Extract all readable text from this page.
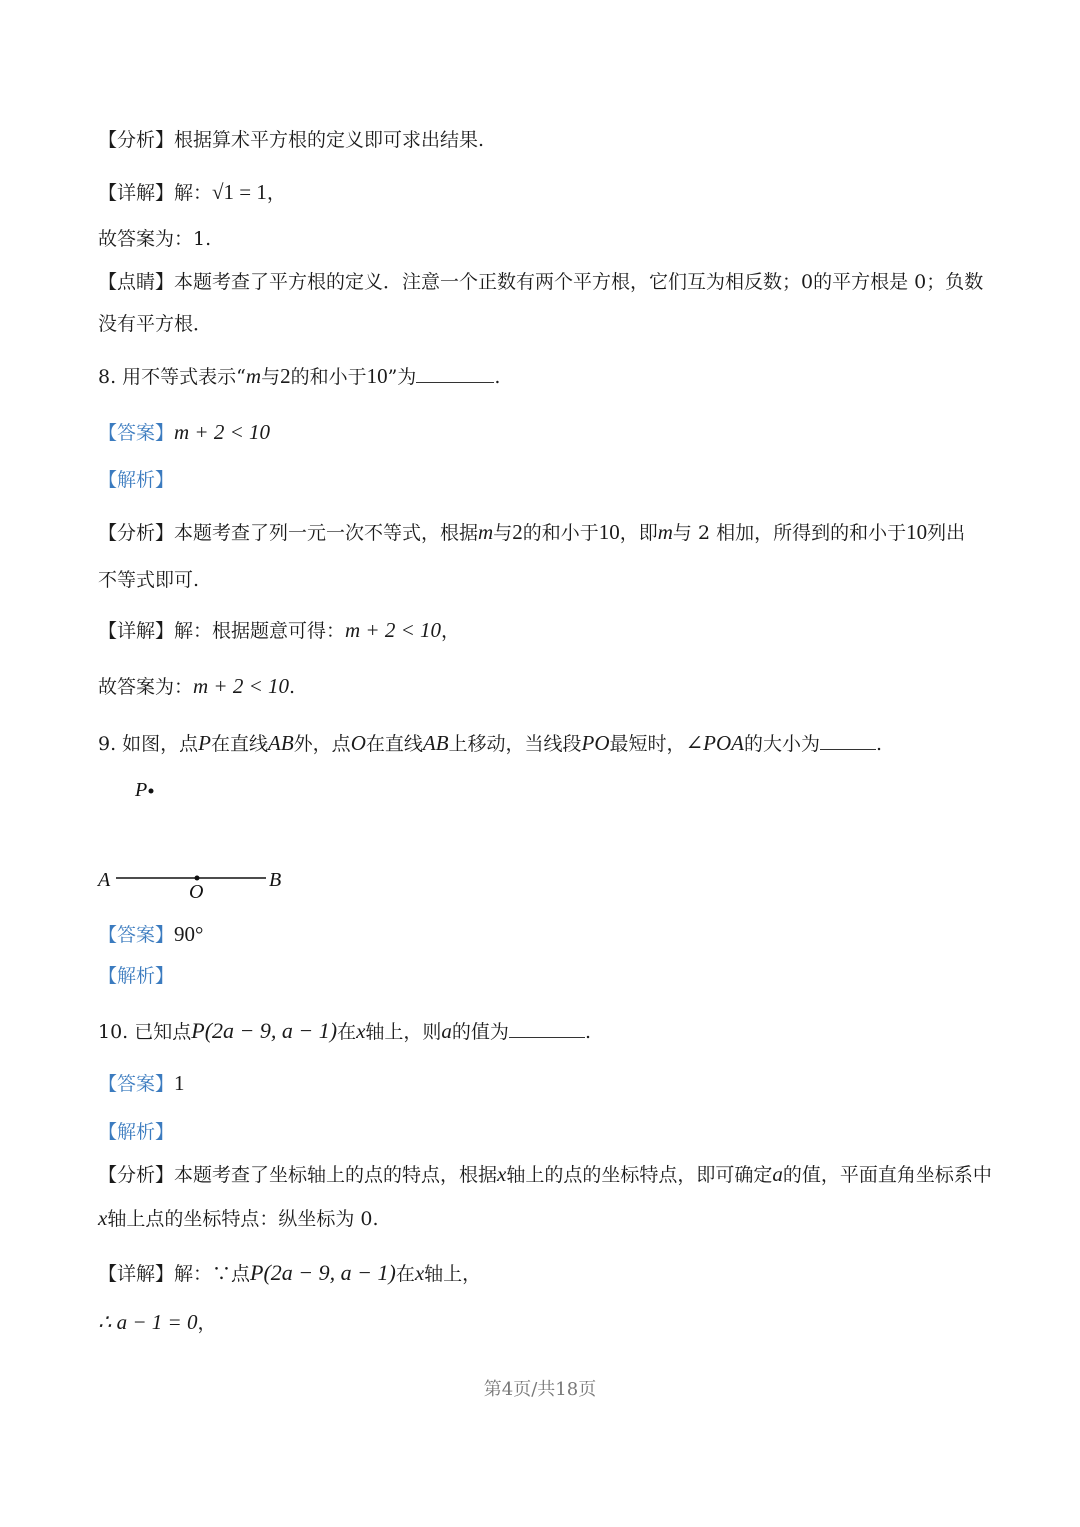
【分析】根据算术平方根的定义即可求出结果.
【详解】解：√1 = 1，
故答案为：1.
【点睛】本题考查了平方根的定义．注意一个正数有两个平方根，它们互为相反数；0的平方根是 0；负数
没有平方根．
8. 用不等式表示“m与2的和小于10”为	.
【答案】m + 2 < 10
【解析】
【分析】本题考查了列一元一次不等式，根据m与2的和小于10，即m与 2 相加，所得到的和小于10列出
不等式即可.
【详解】解：根据题意可得：m + 2 < 10，
故答案为：m + 2 < 10.
9. 如图，点P在直线AB外，点O在直线AB上移动，当线段PO最短时，∠POA的大小为	.
P
A
O
B
【答案】90°
【解析】
10. 已知点P(2a − 9, a − 1)在x轴上，则a的值为	.
【答案】1
【解析】
【分析】本题考查了坐标轴上的点的特点，根据x轴上的点的坐标特点，即可确定a的值，平面直角坐标系中
x轴上点的坐标特点：纵坐标为 0.
【详解】解：∵点P(2a − 9, a − 1)在x轴上，
∴ a − 1 = 0，
第4页/共18页
